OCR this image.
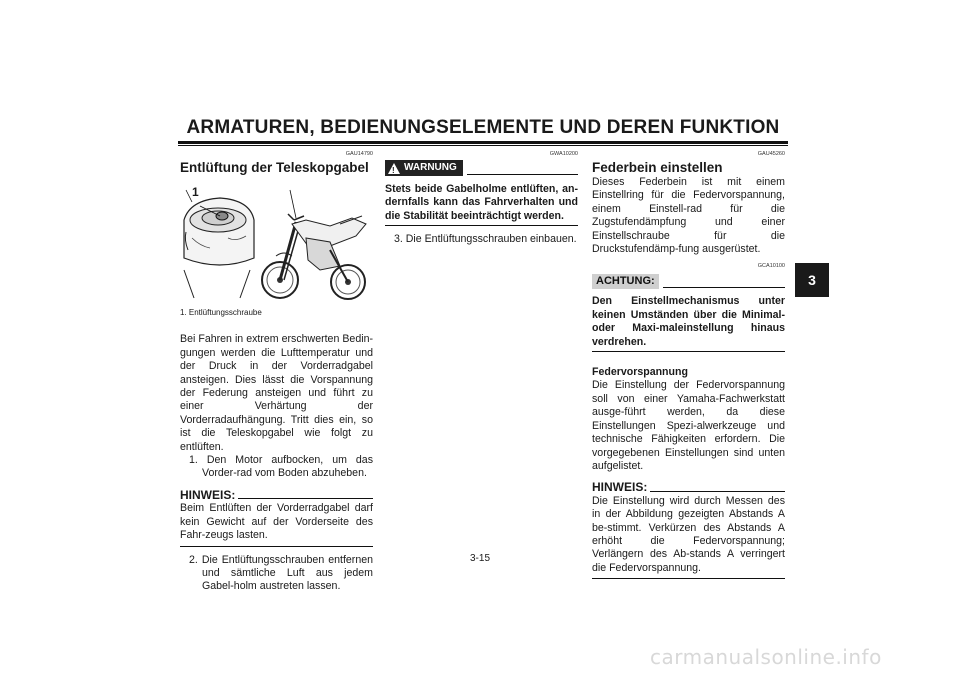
ARMATUREN, BEDIENUNGSELEMENTE UND DEREN FUNKTION
3
GAU14790
Entlüftung der Teleskopgabel
1
1. Entlüftungsschraube
Bei Fahren in extrem erschwerten Bedin-gungen werden die Lufttemperatur und der Druck in der Vorderradgabel ansteigen. Dies lässt die Vorspannung der Federung ansteigen und führt zu einer Verhärtung der Vorderradaufhängung. Tritt dies ein, so ist die Teleskopgabel wie folgt zu entlüften.
1. Den Motor aufbocken, um das Vorder-rad vom Boden abzuheben.
HINWEIS:
Beim Entlüften der Vorderradgabel darf kein Gewicht auf der Vorderseite des Fahr-zeugs lasten.
2. Die Entlüftungsschrauben entfernen und sämtliche Luft aus jedem Gabel-holm austreten lassen.
GWA10200
! WARNUNG
Stets beide Gabelholme entlüften, an-dernfalls kann das Fahrverhalten und die Stabilität beeinträchtigt werden.
3. Die Entlüftungsschrauben einbauen.
GAU45260
Federbein einstellen
Dieses Federbein ist mit einem Einstellring für die Federvorspannung, einem Einstell-rad für die Zugstufendämpfung und einer Einstellschraube für die Druckstufendämp-fung ausgerüstet.
GCA10100
ACHTUNG:
Den Einstellmechanismus unter keinen Umständen über die Minimal- oder Maxi-maleinstellung hinaus verdrehen.
Federvorspannung
Die Einstellung der Federvorspannung soll von einer Yamaha-Fachwerkstatt ausge-führt werden, da diese Einstellungen Spezi-alwerkzeuge und technische Fähigkeiten erfordern. Die vorgegebenen Einstellungen sind unten aufgelistet.
HINWEIS:
Die Einstellung wird durch Messen des in der Abbildung gezeigten Abstands A be-stimmt. Verkürzen des Abstands A erhöht die Federvorspannung; Verlängern des Ab-stands A verringert die Federvorspannung.
3-15
carmanualsonline.info
